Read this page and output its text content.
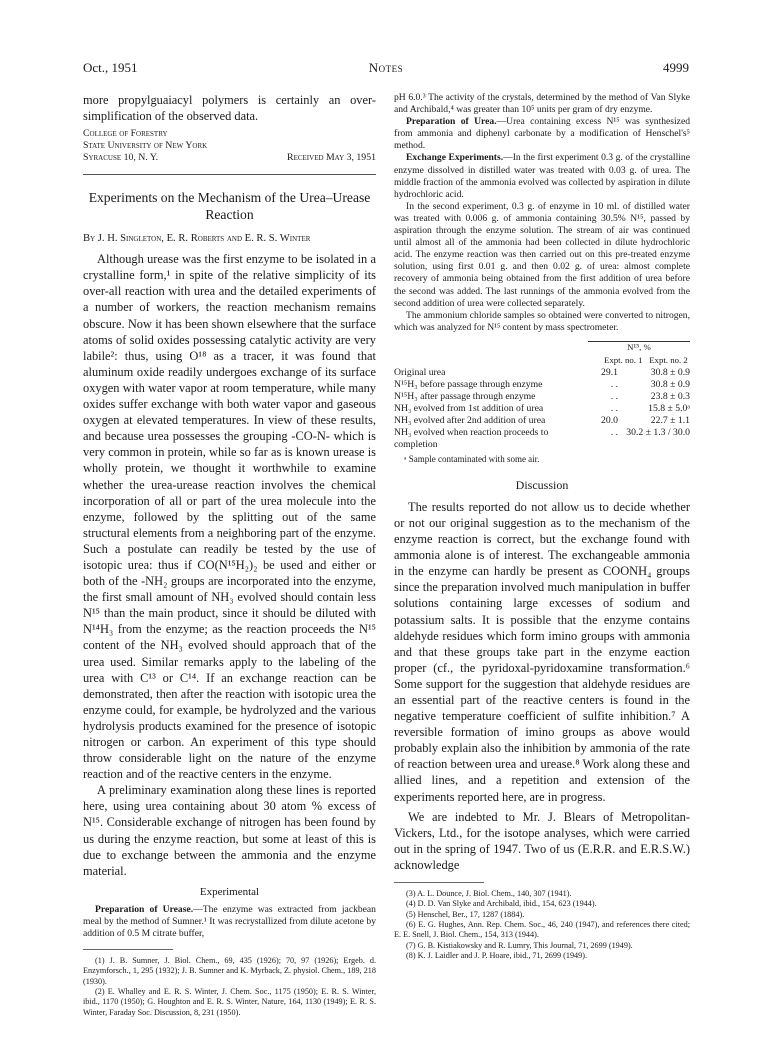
Oct., 1951	Notes	4999

more propylguaiacyl polymers is certainly an over-simplification of the observed data.

College of Forestry
State University of New York
Syracuse 10, N. Y.	Received May 3, 1951
Experiments on the Mechanism of the Urea–Urease Reaction
By J. H. Singleton, E. R. Roberts and E. R. S. Winter

Although urease was the first enzyme to be isolated in a crystalline form,¹ in spite of the relative simplicity of its over-all reaction with urea and the detailed experiments of a number of workers, the reaction mechanism remains obscure. Now it has been shown elsewhere that the surface atoms of solid oxides possessing catalytic activity are very labile²: thus, using O¹⁸ as a tracer, it was found that aluminum oxide readily undergoes exchange of its surface oxygen with water vapor at room temperature, while many oxides suffer exchange with both water vapor and gaseous oxygen at elevated temperatures. In view of these results, and because urea possesses the grouping -CO-N- which is very common in protein, while so far as is known urease is wholly protein, we thought it worthwhile to examine whether the urea-urease reaction involves the chemical incorporation of all or part of the urea molecule into the enzyme, followed by the splitting out of the same structural elements from a neighboring part of the enzyme. Such a postulate can readily be tested by the use of isotopic urea: thus if CO(N¹⁵H₂)₂ be used and either or both of the -NH₂ groups are incorporated into the enzyme, the first small amount of NH₃ evolved should contain less N¹⁵ than the main product, since it should be diluted with N¹⁴H₃ from the enzyme; as the reaction proceeds the N¹⁵ content of the NH₃ evolved should approach that of the urea used. Similar remarks apply to the labeling of the urea with C¹³ or C¹⁴. If an exchange reaction can be demonstrated, then after the reaction with isotopic urea the enzyme could, for example, be hydrolyzed and the various hydrolysis products examined for the presence of isotopic nitrogen or carbon. An experiment of this type should throw considerable light on the nature of the enzyme reaction and of the reactive centers in the enzyme.

A preliminary examination along these lines is reported here, using urea containing about 30 atom % excess of N¹⁵. Considerable exchange of nitrogen has been found by us during the enzyme reaction, but some at least of this is due to exchange between the ammonia and the enzyme material.

Experimental

Preparation of Urease.—The enzyme was extracted from jackbean meal by the method of Sumner.¹ It was recrystallized from dilute acetone by addition of 0.5 M citrate buffer,

(1) J. B. Sumner, J. Biol. Chem., 69, 435 (1926); 70, 97 (1926); Ergeb. d. Enzymforsch., 1, 295 (1932); J. B. Sumner and K. Myrback, Z. physiol. Chem., 189, 218 (1930).
(2) E. Whalley and E. R. S. Winter, J. Chem. Soc., 1175 (1950); E. R. S. Winter, ibid., 1170 (1950); G. Houghton and E. R. S. Winter, Nature, 164, 1130 (1949); E. R. S. Winter, Faraday Soc. Discussion, 8, 231 (1950).

pH 6.0.³ The activity of the crystals, determined by the method of Van Slyke and Archibald,⁴ was greater than 10⁵ units per gram of dry enzyme.

Preparation of Urea.—Urea containing excess N¹⁵ was synthesized from ammonia and diphenyl carbonate by a modification of Henschel's⁵ method.

Exchange Experiments.—In the first experiment 0.3 g. of the crystalline enzyme dissolved in distilled water was treated with 0.03 g. of urea. The middle fraction of the ammonia evolved was collected by aspiration in dilute hydrochloric acid.

In the second experiment, 0.3 g. of enzyme in 10 ml. of distilled water was treated with 0.006 g. of ammonia containing 30.5% N¹⁵, passed by aspiration through the enzyme solution. The stream of air was continued until almost all of the ammonia had been collected in dilute hydrochloric acid. The enzyme reaction was then carried out on this pre-treated enzyme solution, using first 0.01 g. and then 0.02 g. of urea: almost complete recovery of ammonia being obtained from the first addition of urea before the second was added. The last runnings of the ammonia evolved from the second addition of urea were collected separately.

The ammonium chloride samples so obtained were converted to nitrogen, which was analyzed for N¹⁵ content by mass spectrometer.

N¹⁵, %
Expt. no. 1 Expt. no. 2
Original urea	29.1	30.8 ± 0.9
N¹⁵H₃ before passage through enzyme	. .	30.8 ± 0.9
N¹⁵H₃ after passage through enzyme	. .	23.8 ± 0.3
NH₃ evolved from 1st addition of urea	. .	15.8 ± 5.0ᵃ
NH₃ evolved after 2nd addition of urea	20.0	22.7 ± 1.1
NH₃ evolved when reaction proceeds to completion	. .	30.2 ± 1.3 / 30.0
ᵃ Sample contaminated with some air.
Discussion

The results reported do not allow us to decide whether or not our original suggestion as to the mechanism of the enzyme reaction is correct, but the exchange found with ammonia alone is of interest. The exchangeable ammonia in the enzyme can hardly be present as COONH₄ groups since the preparation involved much manipulation in buffer solutions containing large excesses of sodium and potassium salts. It is possible that the enzyme contains aldehyde residues which form imino groups with ammonia and that these groups take part in the enzyme eaction proper (cf., the pyridoxal-pyridoxamine transformation.⁶ Some support for the suggestion that aldehyde residues are an essential part of the reactive centers is found in the negative temperature coefficient of sulfite inhibition.⁷ A reversible formation of imino groups as above would probably explain also the inhibition by ammonia of the rate of reaction between urea and urease.⁸ Work along these and allied lines, and a repetition and extension of the experiments reported here, are in progress.

We are indebted to Mr. J. Blears of Metropolitan-Vickers, Ltd., for the isotope analyses, which were carried out in the spring of 1947. Two of us (E.R.R. and E.R.S.W.) acknowledge

(3) A. L. Dounce, J. Biol. Chem., 140, 307 (1941).
(4) D. D. Van Slyke and Archibald, ibid., 154, 623 (1944).
(5) Henschel, Ber., 17, 1287 (1884).
(6) E. G. Hughes, Ann. Rep. Chem. Soc., 46, 240 (1947), and references there cited; E. E. Snell, J. Biol. Chem., 154, 313 (1944).
(7) G. B. Kistiakowsky and R. Lumry, This Journal, 71, 2699 (1949).
(8) K. J. Laidler and J. P. Hoare, ibid., 71, 2699 (1949).
